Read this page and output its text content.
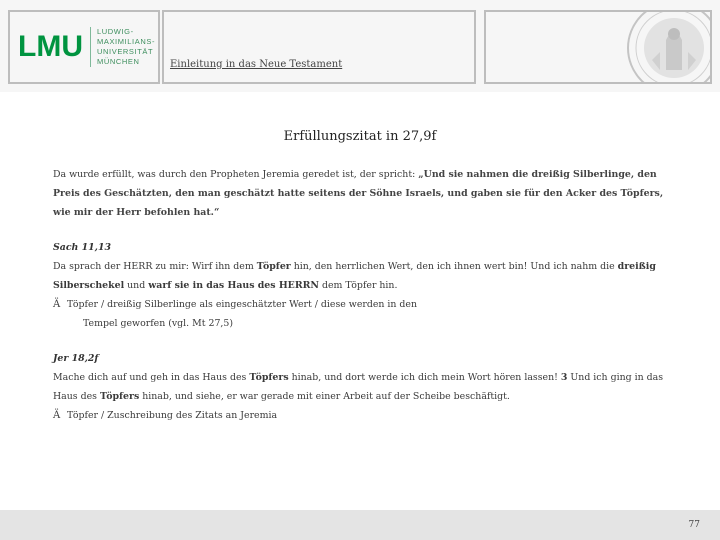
LMU	LUDWIG-
MAXIMILIANS-
UNIVERSITÄT
MÜNCHEN	Einleitung in das Neue Testament
Erfüllungszitat in 27,9f
Da wurde erfüllt, was durch den Propheten Jeremia geredet ist, der spricht: „Und sie nahmen die dreißig Silberlinge, den Preis des Geschätzten, den man geschätzt hatte seitens der Söhne Israels, und gaben sie für den Acker des Töpfers, wie mir der Herr befohlen hat.“
Sach 11,13
Da sprach der HERR zu mir: Wirf ihn dem Töpfer hin, den herrlichen Wert, den ich ihnen wert bin! Und ich nahm die dreißig Silberschekel und warf sie in das Haus des HERRN dem Töpfer hin.
Ä Töpfer / dreißig Silberlinge als eingeschätzter Wert / diese werden in den
Tempel geworfen (vgl. Mt 27,5)
Jer 18,2f
Mache dich auf und geh in das Haus des Töpfers hinab, und dort werde ich dich mein Wort hören lassen! 3 Und ich ging in das Haus des Töpfers hinab, und siehe, er war gerade mit einer Arbeit auf der Scheibe beschäftigt.
Ä Töpfer / Zuschreibung des Zitats an Jeremia
77
